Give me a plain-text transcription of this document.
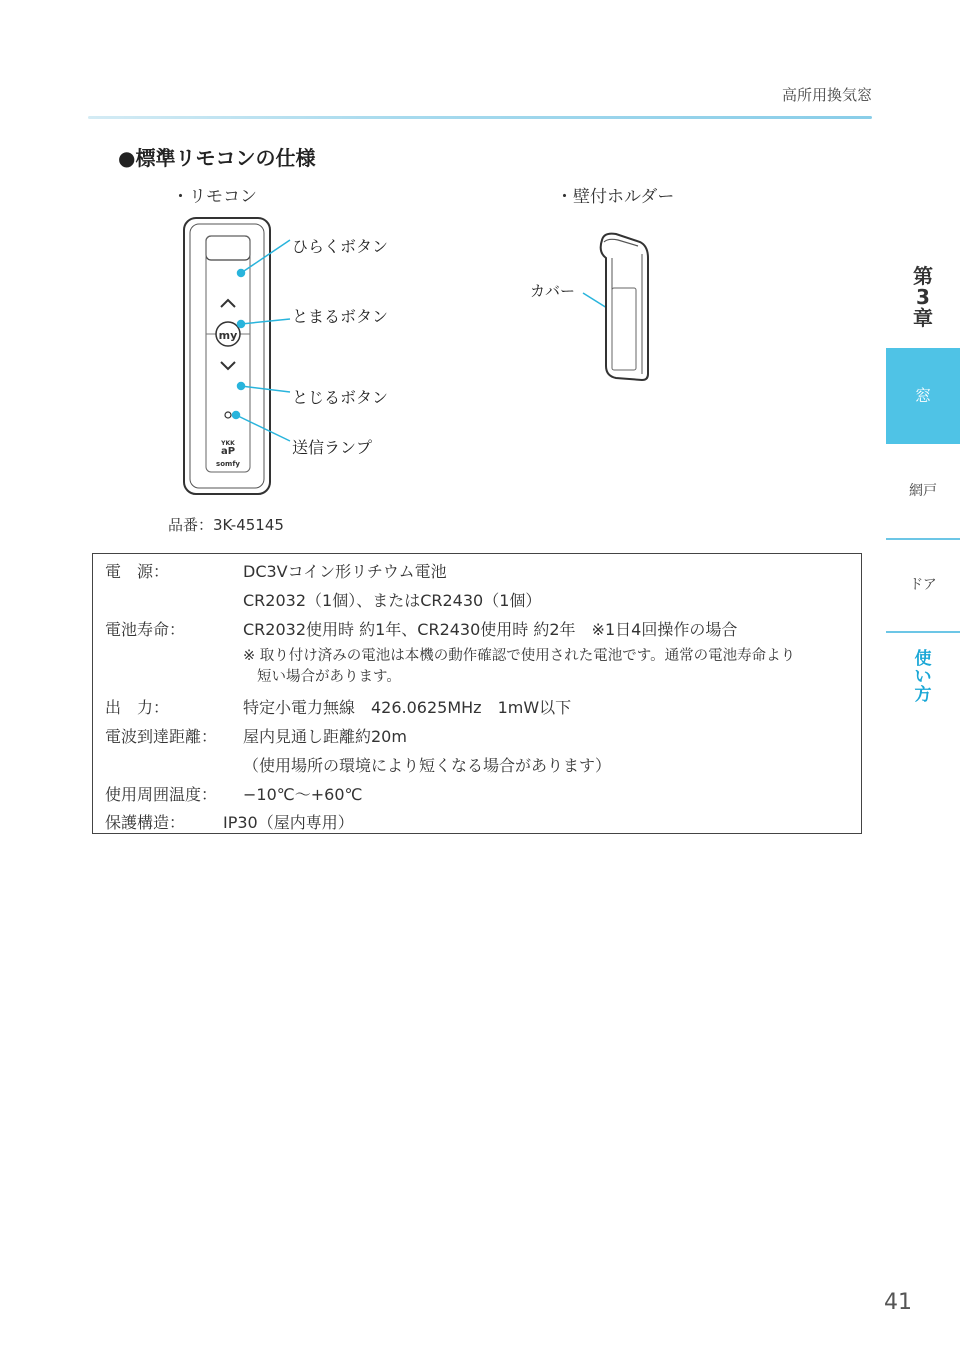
高所用換気窓
●標準リモコンの仕様
・リモコン	・壁付ホルダー
my
YKK
aP
somfy
ひらくボタン
とまるボタン
とじるボタン
送信ランプ
カバー
品番：3K-45145
電　源：	DC3Vコイン形リチウム電池
CR2032（1個）、またはCR2430（1個）
電池寿命：	CR2032使用時 約1年、CR2430使用時 約2年　※1日4回操作の場合
※ 取り付け済みの電池は本機の動作確認で使用された電池です。通常の電池寿命より
短い場合があります。
出　力：	特定小電力無線　426.0625MHz　1mW以下
電波到達距離： 屋内見通し距離約20m
（使用場所の環境により短くなる場合があります）
使用周囲温度： −10℃〜+60℃
保護構造： IP30（屋内専用）
第
3
章
窓
網戸
ドア
使
い
方
41
